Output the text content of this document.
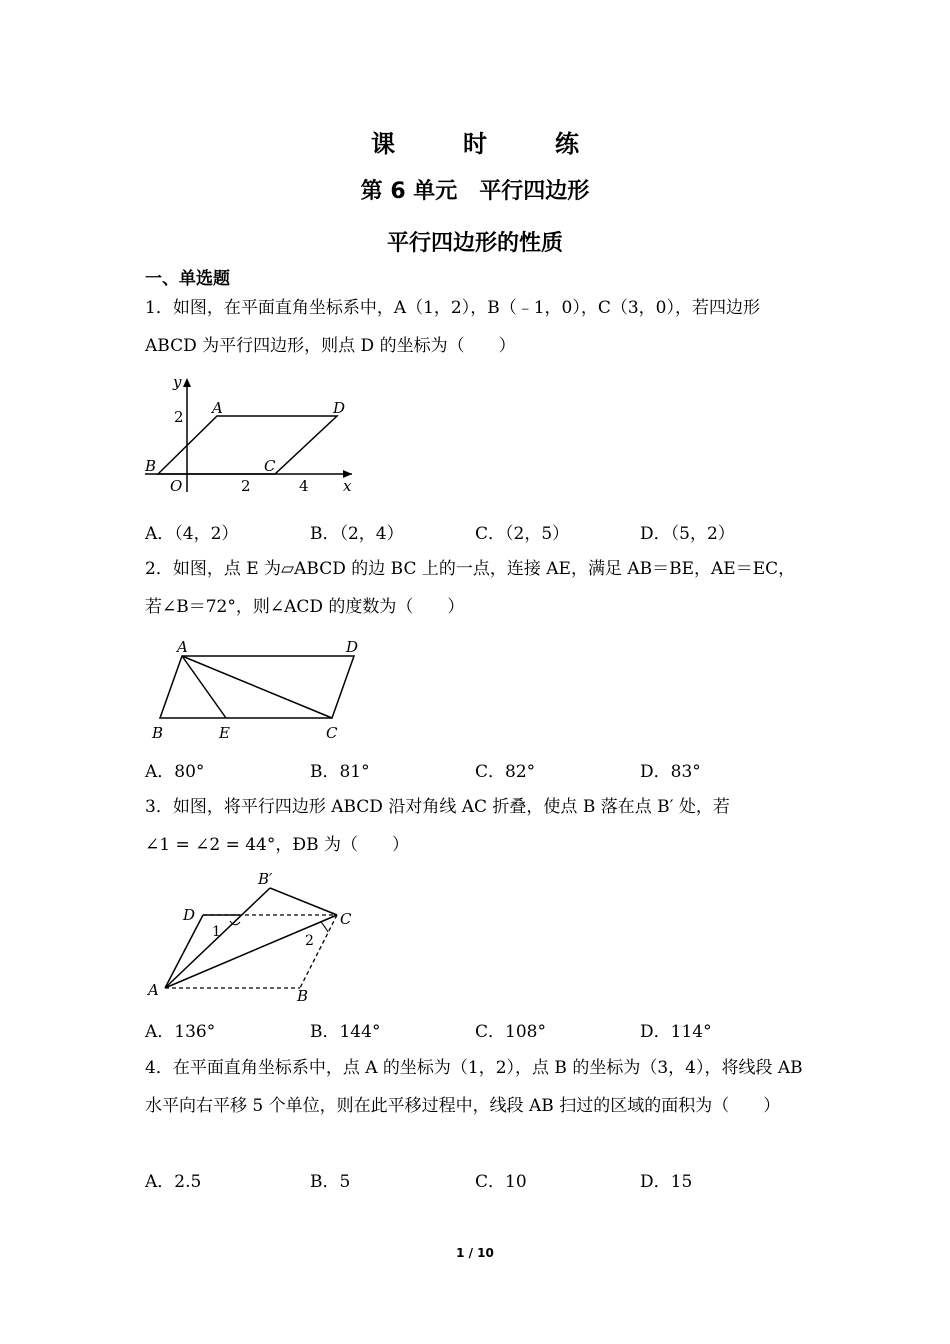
课　时　练
第 6 单元　平行四边形
平行四边形的性质
一、单选题
1．如图，在平面直角坐标系中，A（1，2），B（﹣1，0），C（3，0），若四边形ABCD 为平行四边形，则点 D 的坐标为（　　）
y
x
O
2 A	D
B	C
2	4
A．（4，2）	B．（2，4）	C．（2，5）	D．（5，2）
2．如图，点 E 为▱ABCD 的边 BC 上的一点，连接 AE，满足 AB＝BE，AE＝EC，若∠B＝72°，则∠ACD 的度数为（　　）
A	D
B	E	C
A．80°	B．81°	C．82°	D．83°
3．如图，将平行四边形 ABCD 沿对角线 AC 折叠，使点 B 落在点 B′ 处，若
∠1 = ∠2 = 44°，ÐB 为（　　）
B′
D	C
1
2
A	B
A．136°	B．144°	C．108°	D．114°
4．在平面直角坐标系中，点 A 的坐标为（1，2），点 B 的坐标为（3，4），将线段 AB 水平向右平移 5 个单位，则在此平移过程中，线段 AB 扫过的区域的面积为（　　）
A．2.5	B．5	C．10	D．15
1 / 10
